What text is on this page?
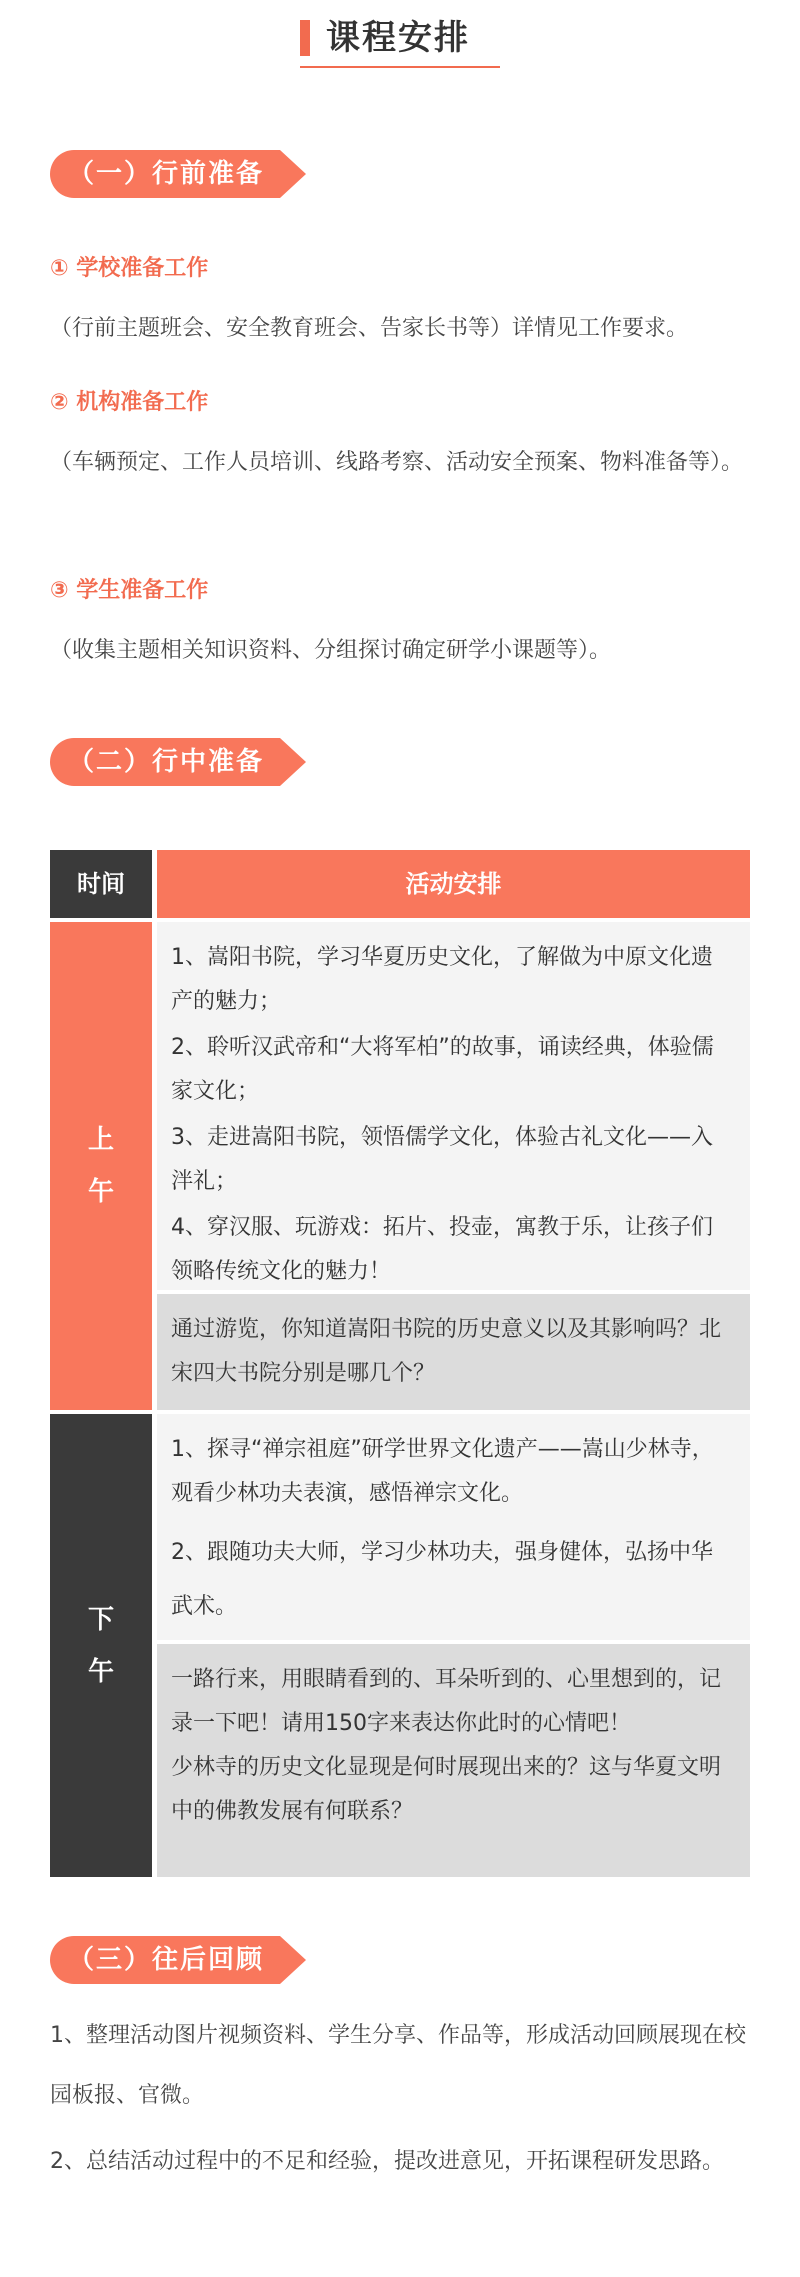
课程安排
（一）行前准备
① 学校准备工作
（行前主题班会、安全教育班会、告家长书等）详情见工作要求。
② 机构准备工作
（车辆预定、工作人员培训、线路考察、活动安全预案、物料准备等）。
③ 学生准备工作
（收集主题相关知识资料、分组探讨确定研学小课题等）。
（二）行中准备
时间	活动安排
上午
下午

1、嵩阳书院，学习华夏历史文化，了解做为中原文化遗产的魅力；

2、聆听汉武帝和“大将军柏”的故事，诵读经典，体验儒家文化；

3、走进嵩阳书院，领悟儒学文化，体验古礼文化——入泮礼；

4、穿汉服、玩游戏：拓片、投壶，寓教于乐，让孩子们领略传统文化的魅力！

通过游览，你知道嵩阳书院的历史意义以及其影响吗？北宋四大书院分别是哪几个？

1、探寻“禅宗祖庭”研学世界文化遗产——嵩山少林寺，观看少林功夫表演，感悟禅宗文化。

2、跟随功夫大师，学习少林功夫，强身健体，弘扬中华武术。

一路行来，用眼睛看到的、耳朵听到的、心里想到的，记录一下吧！请用150字来表达你此时的心情吧！

少林寺的历史文化显现是何时展现出来的？这与华夏文明中的佛教发展有何联系？

（三）往后回顾
1、整理活动图片视频资料、学生分享、作品等，形成活动回顾展现在校园板报、官微。
2、总结活动过程中的不足和经验，提改进意见，开拓课程研发思路。
